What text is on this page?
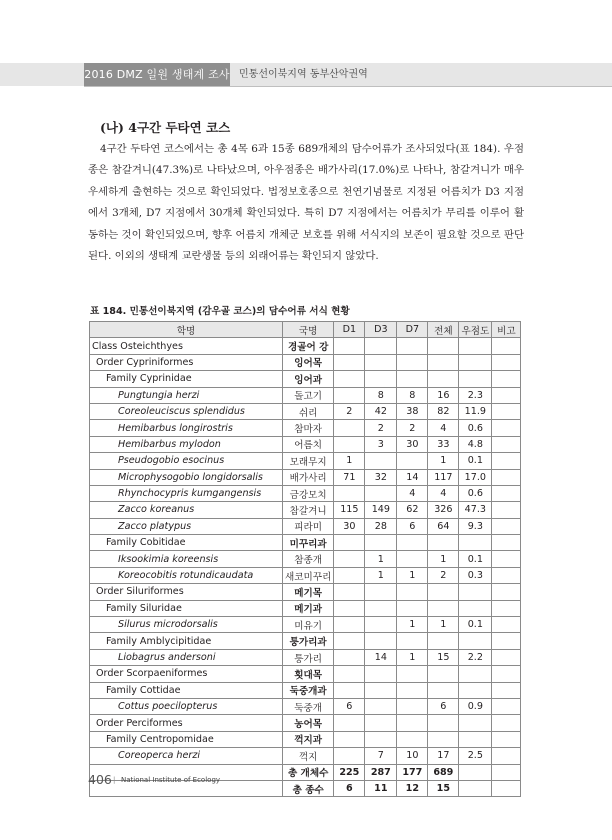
2016 DMZ 일원 생태계 조사 민통선이북지역 동부산악권역
(나) 4구간 두타연 코스

4구간 두타연 코스에서는 총 4목 6과 15종 689개체의 담수어류가 조사되었다(표 184). 우점종은 참갈겨니(47.3%)로 나타났으며, 아우점종은 배가사리(17.0%)로 나타나, 참갈겨니가 매우 우세하게 출현하는 것으로 확인되었다. 법정보호종으로 천연기념물로 지정된 어름치가 D3 지점에서 3개체, D7 지점에서 30개체 확인되었다. 특히 D7 지점에서는 어름치가 무리를 이루어 활동하는 것이 확인되었으며, 향후 어름치 개체군 보호를 위해 서식지의 보존이 필요할 것으로 판단된다. 이외의 생태계 교란생물 등의 외래어류는 확인되지 않았다.

표 184. 민통선이북지역 (감우골 코스)의 담수어류 서식 현황
학명	국명	D1	D3	D7	전체	우점도	비고
Class Osteichthyes	경골어 강						
Order Cypriniformes	잉어목						
Family Cyprinidae	잉어과						
Pungtungia herzi	돌고기		8	8	16	2.3	
Coreoleuciscus splendidus	쉬리	2	42	38	82	11.9	
Hemibarbus longirostris	참마자		2	2	4	0.6	
Hemibarbus mylodon	어름치		3	30	33	4.8	
Pseudogobio esocinus	모래무지	1			1	0.1	
Microphysogobio longidorsalis	배가사리	71	32	14	117	17.0	
Rhynchocypris kumgangensis	금강모치			4	4	0.6	
Zacco koreanus	참갈겨니	115	149	62	326	47.3	
Zacco platypus	피라미	30	28	6	64	9.3	
Family Cobitidae	미꾸리과						
Iksookimia koreensis	참종개		1		1	0.1	
Koreocobitis rotundicaudata	새코미꾸리		1	1	2	0.3	
Order Siluriformes	메기목						
Family Siluridae	메기과						
Silurus microdorsalis	미유기			1	1	0.1	
Family Amblycipitidae	퉁가리과						
Liobagrus andersoni	퉁가리		14	1	15	2.2	
Order Scorpaeniformes	횟대목						
Family Cottidae	둑중개과						
Cottus poecilopterus	둑중개	6			6	0.9	
Order Perciformes	농어목						
Family Centropomidae	꺽지과						
Coreoperca herzi	꺽지		7	10	17	2.5	
	총 개체수	225	287	177	689		
	총 종수	6	11	12	15		
406 | National Institute of Ecology
